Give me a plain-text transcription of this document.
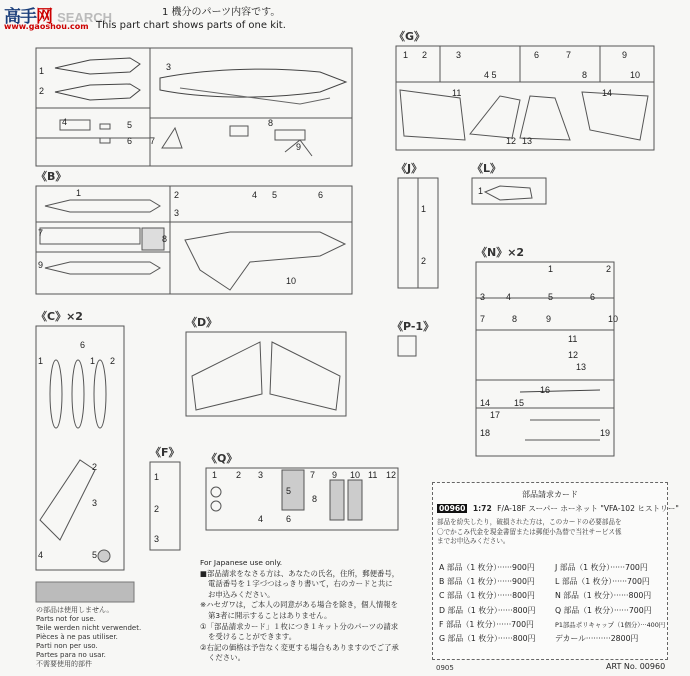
高手网 SEARCH
www.gaoshou.com
1 機分のパーツ内容です。
This part chart shows parts of one kit.
《G》
《B》
《J》	《L》
《N》×2
《C》×2	《D》	《P-1》
《F》 《Q》
1
2
3
4	5
6 7
8
9
1 2	3
4 5
6	7
8
9
10
11
12 13
14
1	2
3
4 5	6
7
8
9
10
1
2
1
1	2
3 4	5	6
7	8	9	10
11
12
13
14	15
16
17
18	19
6
1	1 2
2
3
4	5
1
2
3
1 2 3
4
5
6
7
8
9 10 11 12
の部品は使用しません。
Parts not for use.
Teile werden nicht verwendet.
Pièces à ne pas utiliser.
Parti non per uso.
Partes para no usar.
不需要使用的部件
For Japanese use only.
■部品請求をなさる方は、あなたの氏名，住所，郵便番号，
電話番号を１字づつはっきり書いて，右のカードと共に
お申込みください。
※ハセガワは，ご本人の同意がある場合を除き，個人情報を
第3者に開示することはありません。
①「部品請求カード」１枚につき１キット分のパーツの請求
を受けることができます。
②右記の価格は予告なく変更する場合もありますのでご了承
ください。
部品請求カード
00960 1:72 F/A-18F スーパー ホーネット "VFA-102 ヒストリー"
部品を紛失したり，破損された方は，このカードの必要部品を
〇でかこみ代金を現金書留または郵便小為替で当社サービス係
までお申込みください。
A 部品（1 枚分）······900円
B 部品（1 枚分）······900円
C 部品（1 枚分）······800円
D 部品（1 枚分）······800円
F 部品（1 枚分）······700円
G 部品（1 枚分）······800円
J 部品（1 枚分）······700円
L 部品（1 枚分）······700円
N 部品（1 枚分）······800円
Q 部品（1 枚分）······700円
P1部品ポリキャップ（1個分）···400円
デカール··········2800円
0905	ART No. 00960
